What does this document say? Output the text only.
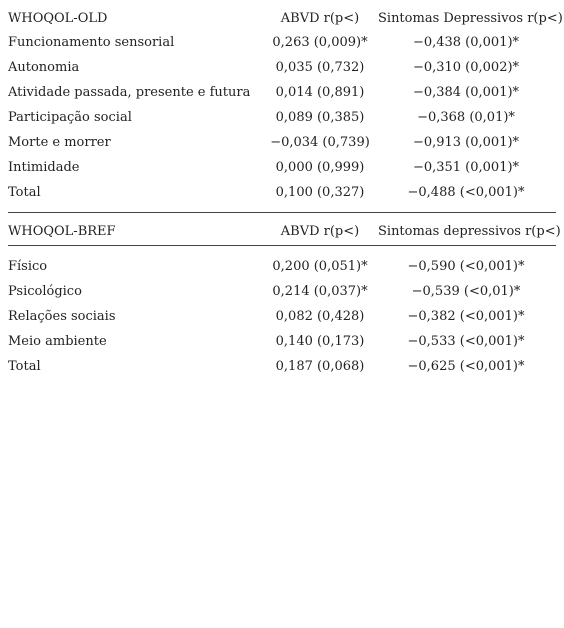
WHOQOL-OLD	ABVD r(p<)	Sintomas Depressivos r(p<)
Funcionamento sensorial	0,263 (0,009)*	−0,438 (0,001)*
Autonomia	0,035 (0,732)	−0,310 (0,002)*
Atividade passada, presente e futura	0,014 (0,891)	−0,384 (0,001)*
Participação social	0,089 (0,385)	−0,368 (0,01)*
Morte e morrer	−0,034 (0,739)	−0,913 (0,001)*
Intimidade	0,000 (0,999)	−0,351 (0,001)*
Total	0,100 (0,327)	−0,488 (<0,001)*
WHOQOL-BREF	ABVD r(p<)	Sintomas depressivos r(p<)
Físico	0,200 (0,051)*	−0,590 (<0,001)*
Psicológico	0,214 (0,037)*	−0,539 (<0,01)*
Relações sociais	0,082 (0,428)	−0,382 (<0,001)*
Meio ambiente	0,140 (0,173)	−0,533 (<0,001)*
Total	0,187 (0,068)	−0,625 (<0,001)*
